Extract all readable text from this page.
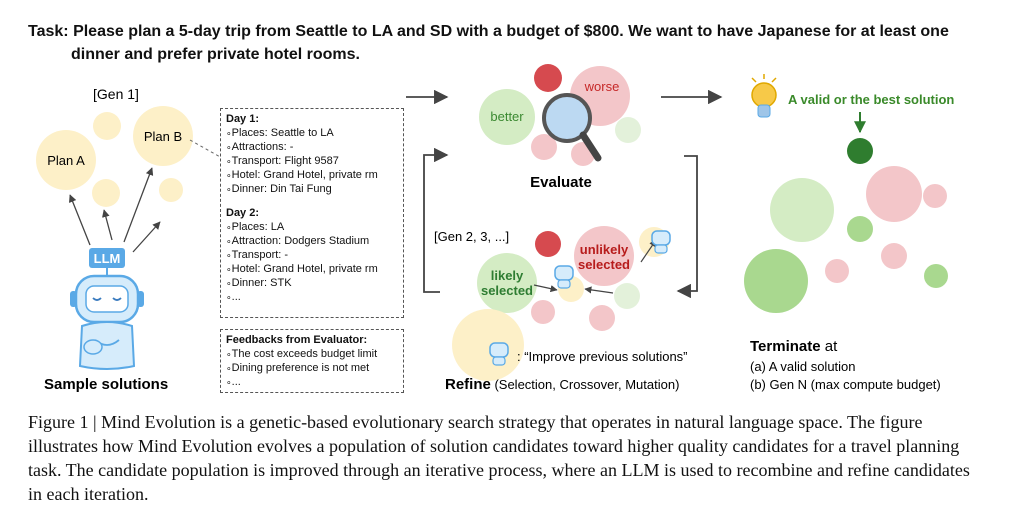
Task: Please plan a 5-day trip from Seattle to LA and SD with a budget of $800. We want to have Japanese for at least one
dinner and prefer private hotel rooms.
[Gen 1]
Plan A
Plan B
LLM
better
worse
Evaluate
[Gen 2, 3, ...]
unlikely
selected
likely
selected
: “Improve previous solutions”
A valid or the best solution
Terminate at
(a) A valid solution
(b) Gen N (max compute budget)
Sample solutions	Refine (Selection, Crossover, Mutation)
Day 1:
∘ Places: Seattle to LA
∘ Attractions: -
∘ Transport: Flight 9587
∘ Hotel: Grand Hotel, private rm
∘ Dinner: Din Tai Fung
Day 2:
∘ Places: LA
∘ Attraction: Dodgers Stadium
∘ Transport: -
∘ Hotel: Grand Hotel, private rm
∘ Dinner: STK
∘ ...
Feedbacks from Evaluator:
∘ The cost exceeds budget limit
∘ Dining preference is not met
∘ ...
Figure 1 | Mind Evolution is a genetic-based evolutionary search strategy that operates in natural language space. The figure illustrates how Mind Evolution evolves a population of solution candidates toward higher quality candidates for a travel planning task. The candidate population is improved through an iterative process, where an LLM is used to recombine and refine candidates in each iteration.
